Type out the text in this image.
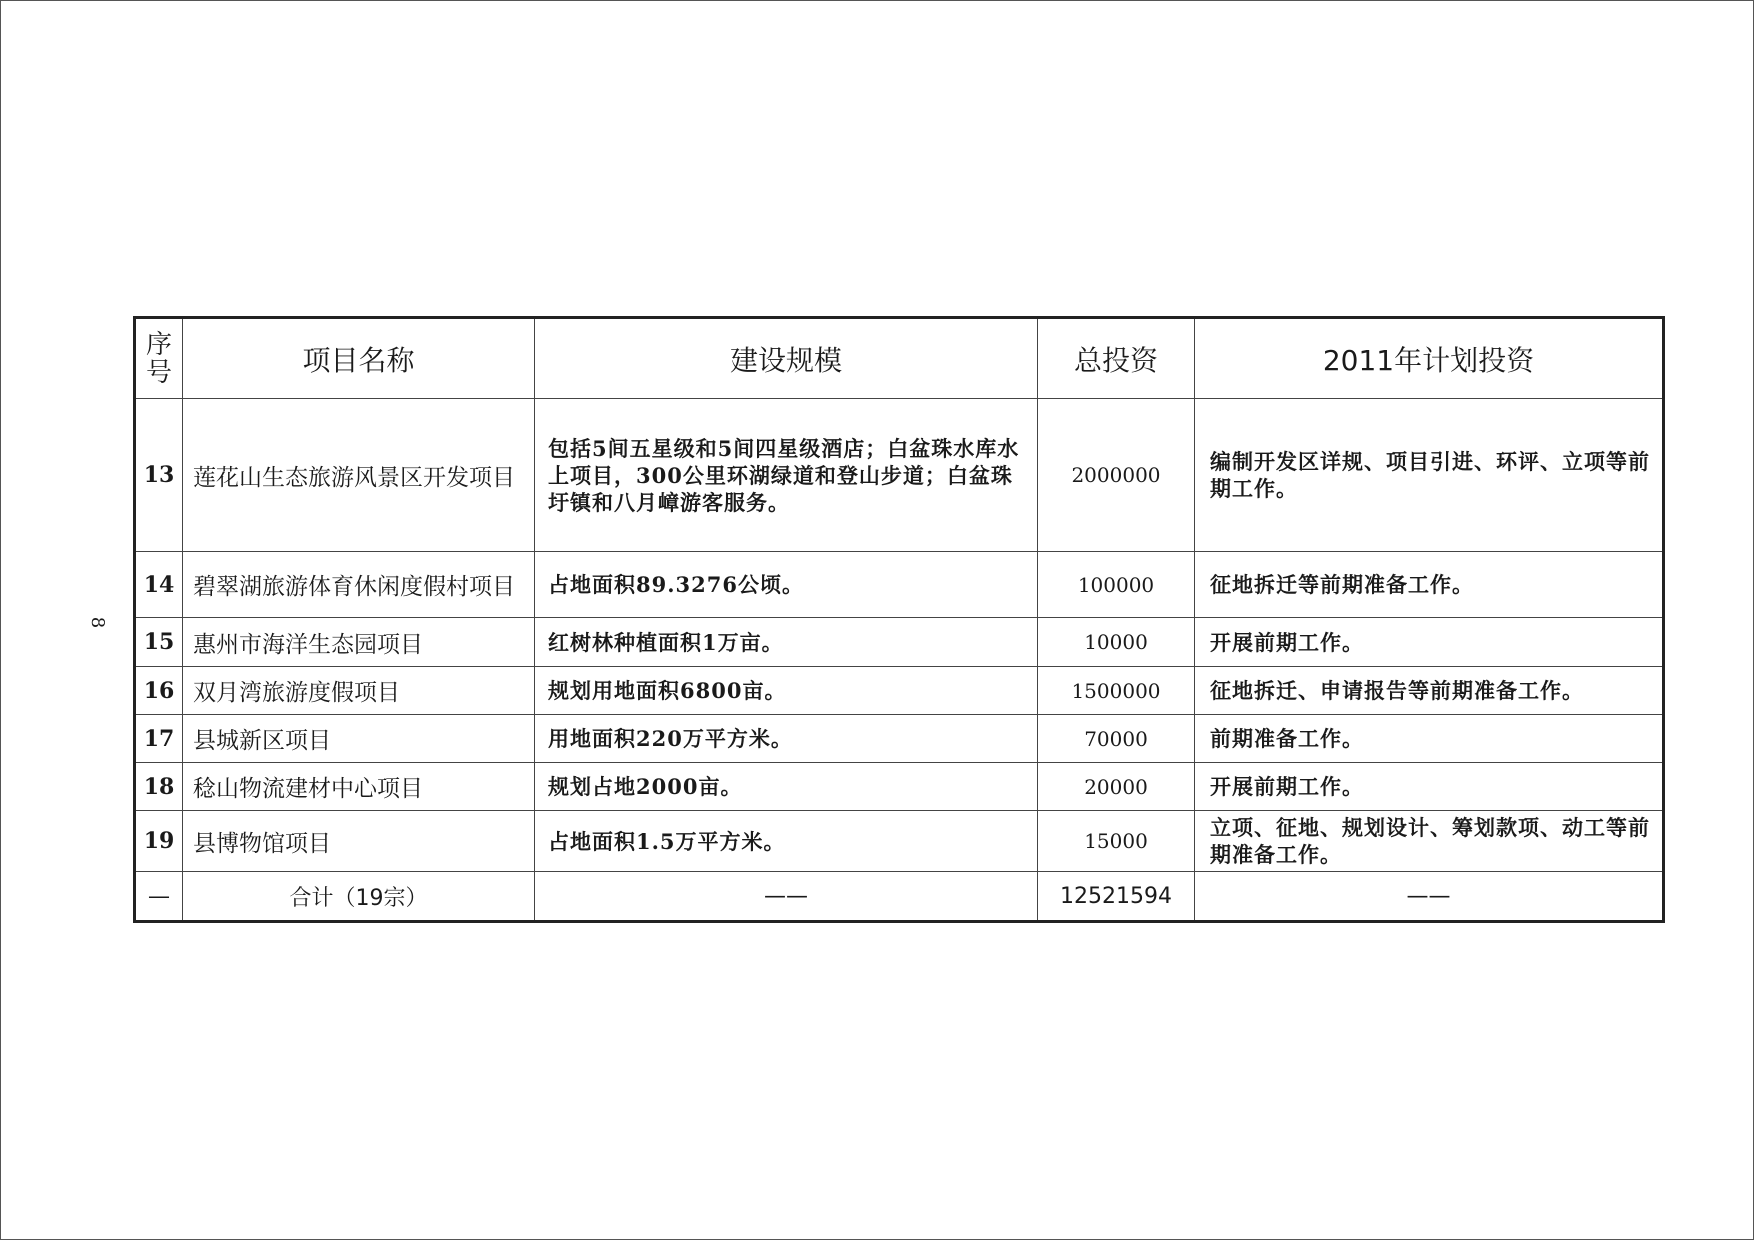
8
序
号	项目名称	建设规模	总投资	2011年计划投资
13	莲花山生态旅游风景区开发项目	包括5间五星级和5间四星级酒店；白盆珠水库水上项目，300公里环湖绿道和登山步道；白盆珠圩镇和八月嶂游客服务。	2000000	编制开发区详规、项目引进、环评、立项等前期工作。
14	碧翠湖旅游体育休闲度假村项目	占地面积89.3276公顷。	100000	征地拆迁等前期准备工作。
15	惠州市海洋生态园项目	红树林种植面积1万亩。	10000	开展前期工作。
16	双月湾旅游度假项目	规划用地面积6800亩。	1500000	征地拆迁、申请报告等前期准备工作。
17	县城新区项目	用地面积220万平方米。	70000	前期准备工作。
18	稔山物流建材中心项目	规划占地2000亩。	20000	开展前期工作。
19	县博物馆项目	占地面积1.5万平方米。	15000	立项、征地、规划设计、筹划款项、动工等前期准备工作。
—	合计（19宗）	——	12521594	——
